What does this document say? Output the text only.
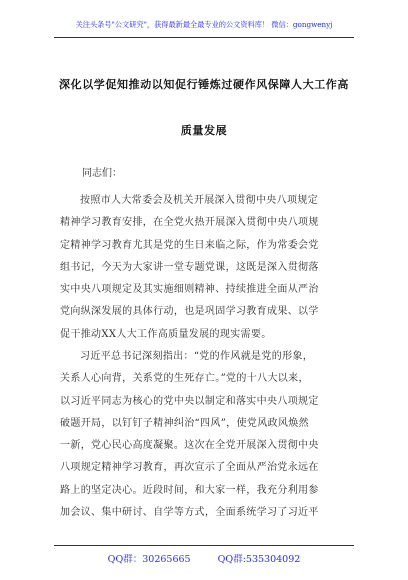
关注头条号"公文研究"，获得最新最全最专业的公文资料库！ 微信：gongwenyj
深化以学促知推动以知促行锤炼过硬作风保障人大工作高
质量发展
同志们：
按照市人大常委会及机关开展深入贯彻中央八项规定
精神学习教育安排，在全党火热开展深入贯彻中央八项规
定精神学习教育尤其是党的生日来临之际，作为常委会党
组书记，今天为大家讲一堂专题党课，这既是深入贯彻落
实中央八项规定及其实施细则精神、持续推进全面从严治
党向纵深发展的具体行动，也是巩固学习教育成果、以学
促干推动XX人大工作高质量发展的现实需要。
习近平总书记深刻指出：“党的作风就是党的形象，
关系人心向背，关系党的生死存亡。”党的十八大以来，
以习近平同志为核心的党中央以制定和落实中央八项规定
破题开局，以钉钉子精神纠治“四风”，使党风政风焕然
一新，党心民心高度凝聚。这次在全党开展深入贯彻中央
八项规定精神学习教育，再次宣示了全面从严治党永远在
路上的坚定决心。近段时间，和大家一样，我充分利用参
加会议、集中研讨、自学等方式，全面系统学习了习近平
QQ群：30265665	QQ群:535304092
